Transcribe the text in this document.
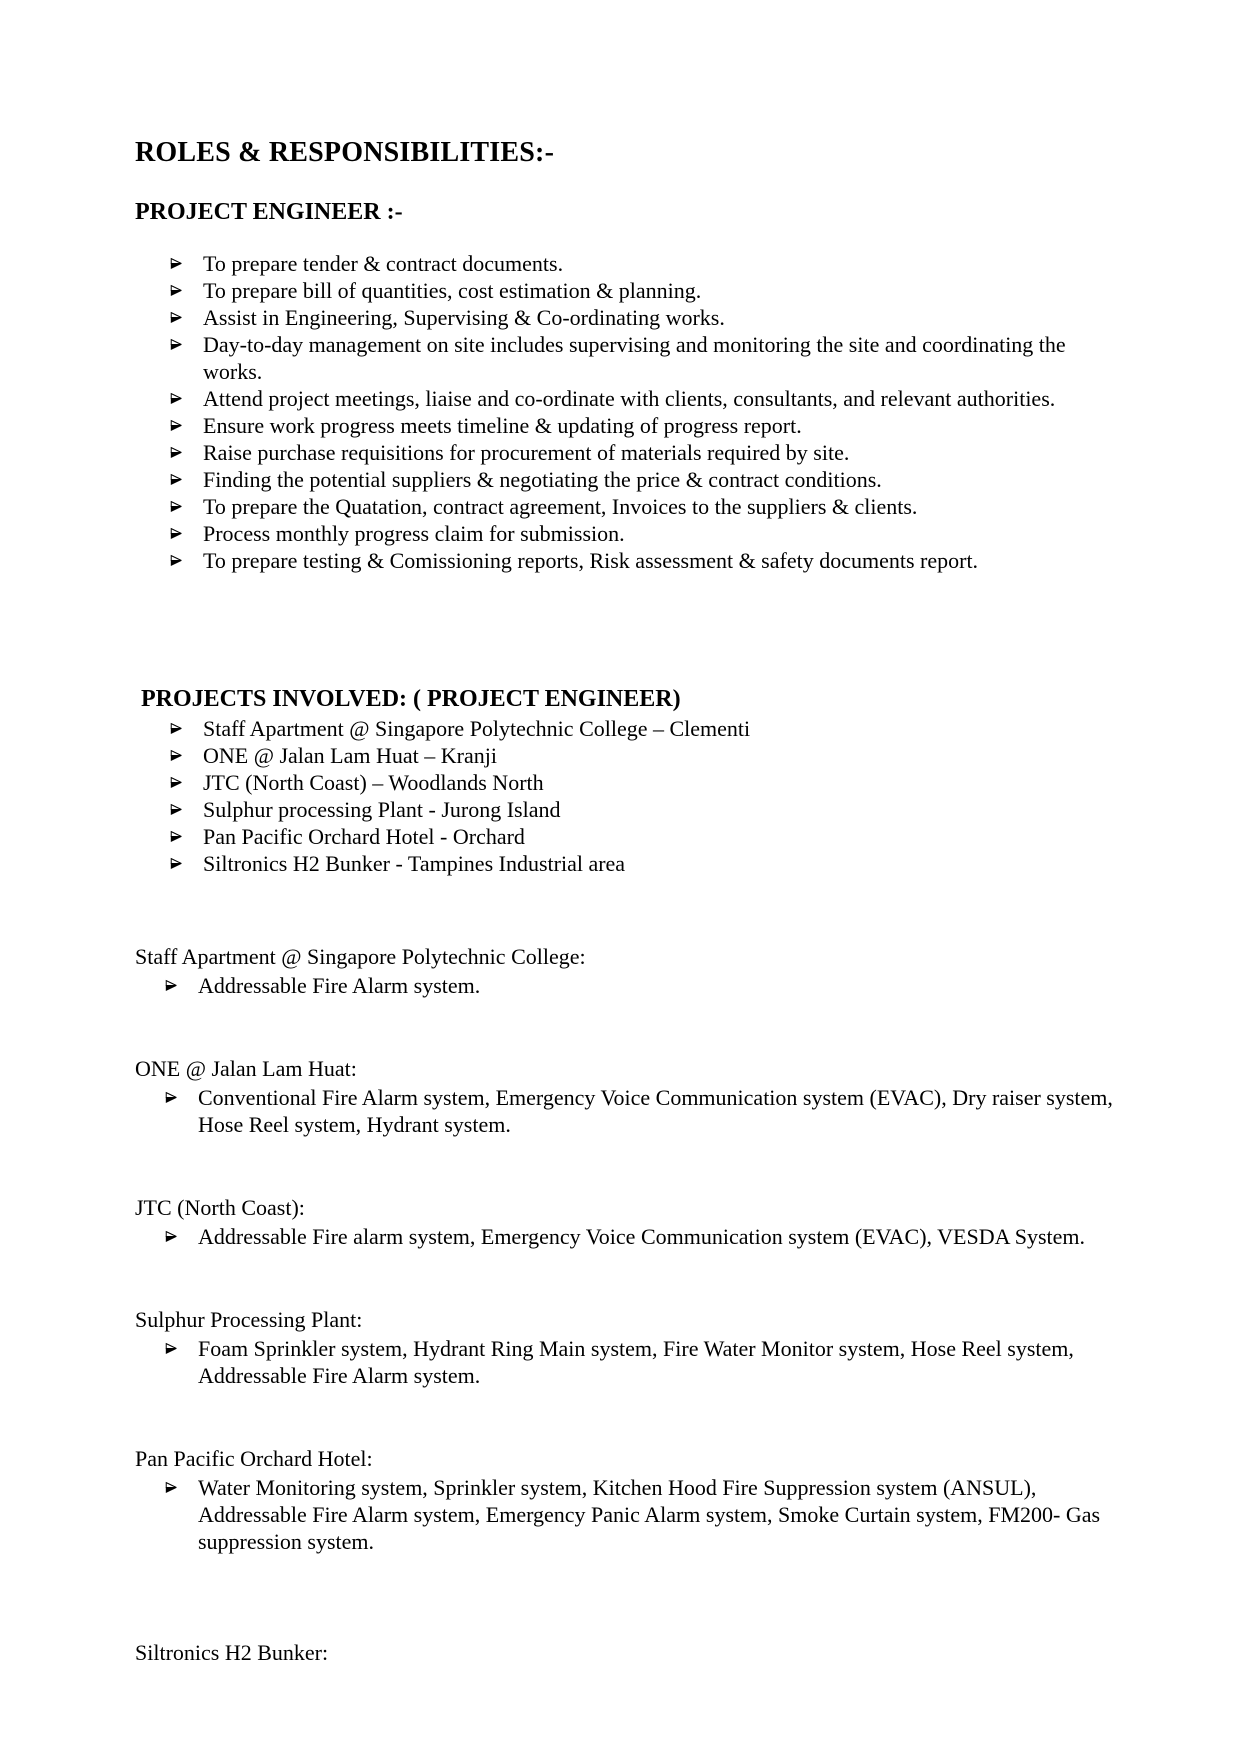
ROLES & RESPONSIBILITIES:-
PROJECT ENGINEER :-
To prepare tender & contract documents.
To prepare bill of quantities, cost estimation & planning.
Assist in Engineering, Supervising & Co-ordinating works.
Day-to-day management on site includes supervising and monitoring the site and coordinating the works.
Attend project meetings, liaise and co-ordinate with clients, consultants, and relevant authorities.
Ensure work progress meets timeline & updating of progress report.
Raise purchase requisitions for procurement of materials required by site.
Finding the potential suppliers & negotiating the price & contract conditions.
To prepare the Quatation, contract agreement, Invoices to the suppliers & clients.
Process monthly progress claim for submission.
To prepare testing & Comissioning reports, Risk assessment & safety documents report.
PROJECTS INVOLVED: ( PROJECT ENGINEER)
Staff Apartment @ Singapore Polytechnic College – Clementi
ONE @ Jalan Lam Huat – Kranji
JTC (North Coast) – Woodlands North
Sulphur processing Plant - Jurong Island
Pan Pacific Orchard Hotel - Orchard
Siltronics H2 Bunker - Tampines Industrial area
Staff Apartment @ Singapore Polytechnic College:
Addressable Fire Alarm system.
ONE @ Jalan Lam Huat:
Conventional Fire Alarm system, Emergency Voice Communication system (EVAC), Dry raiser system, Hose Reel system, Hydrant system.
JTC (North Coast):
Addressable Fire alarm system, Emergency Voice Communication system (EVAC), VESDA System.
Sulphur Processing Plant:
Foam Sprinkler system, Hydrant Ring Main system, Fire Water Monitor system, Hose Reel system, Addressable Fire Alarm system.
Pan Pacific Orchard Hotel:
Water Monitoring system, Sprinkler system, Kitchen Hood Fire Suppression system (ANSUL), Addressable Fire Alarm system, Emergency Panic Alarm system, Smoke Curtain system, FM200- Gas suppression system.
Siltronics H2 Bunker:
